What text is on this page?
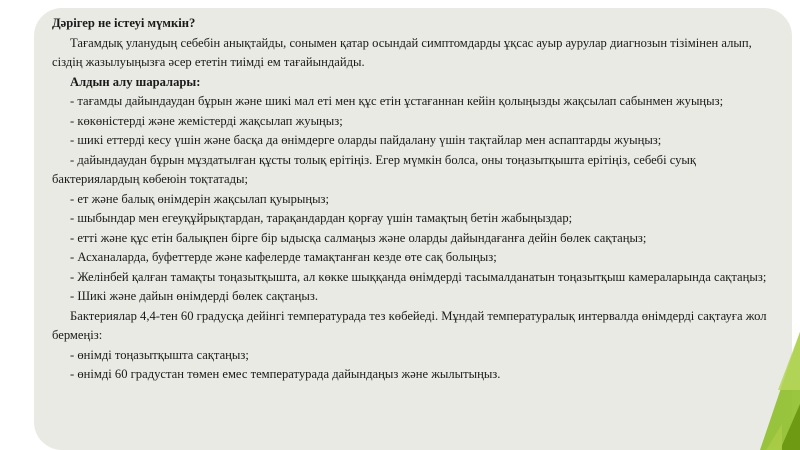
Дәрігер не істеуі мүмкін?

Тағамдық уланудың себебін анықтайды, сонымен қатар осындай симптомдарды ұқсас ауыр аурулар диагнозын тізімінен алып, сіздің жазылуыңызға әсер ететін тиімді ем тағайындайды.

Алдын алу шаралары:

- тағамды дайындаудан бұрын және шикі мал еті мен құс етін ұстағаннан кейін қолыңызды жақсылап сабынмен жуыңыз;

- көкөністерді және жемістерді жақсылап жуыңыз;

- шикі еттерді кесу үшін және басқа да өнімдерге оларды пайдалану үшін тақтайлар мен аспаптарды жуыңыз;

- дайындаудан бұрын мұздатылған құсты толық ерітіңіз. Егер мүмкін болса, оны тоңазытқышта ерітіңіз, себебі суық бактериялардың көбеюін тоқтатады;

- ет және балық өнімдерін жақсылап қуырыңыз;

- шыбындар мен егеуқұйрықтардан, тарақандардан қорғау үшін тамақтың бетін жабыңыздар;

- етті және құс етін балықпен бірге бір ыдысқа салмаңыз және оларды дайындағанға дейін бөлек сақтаңыз;

- Асханаларда, буфеттерде және кафелерде тамақтанған кезде өте сақ болыңыз;

- Желінбей қалған тамақты тоңазытқышта, ал көкке шыққанда өнімдерді тасымалданатын тоңазытқыш камераларында сақтаңыз;

- Шикі және дайын өнімдерді бөлек сақтаңыз.

Бактериялар 4,4-тен 60 градусқа дейінгі температурада тез көбейеді. Мұндай температуралық интервалда өнімдерді сақтауға жол бермеңіз:

- өнімді тоңазытқышта сақтаңыз;

- өнімді 60 градустан төмен емес температурада дайындаңыз және жылытыңыз.
